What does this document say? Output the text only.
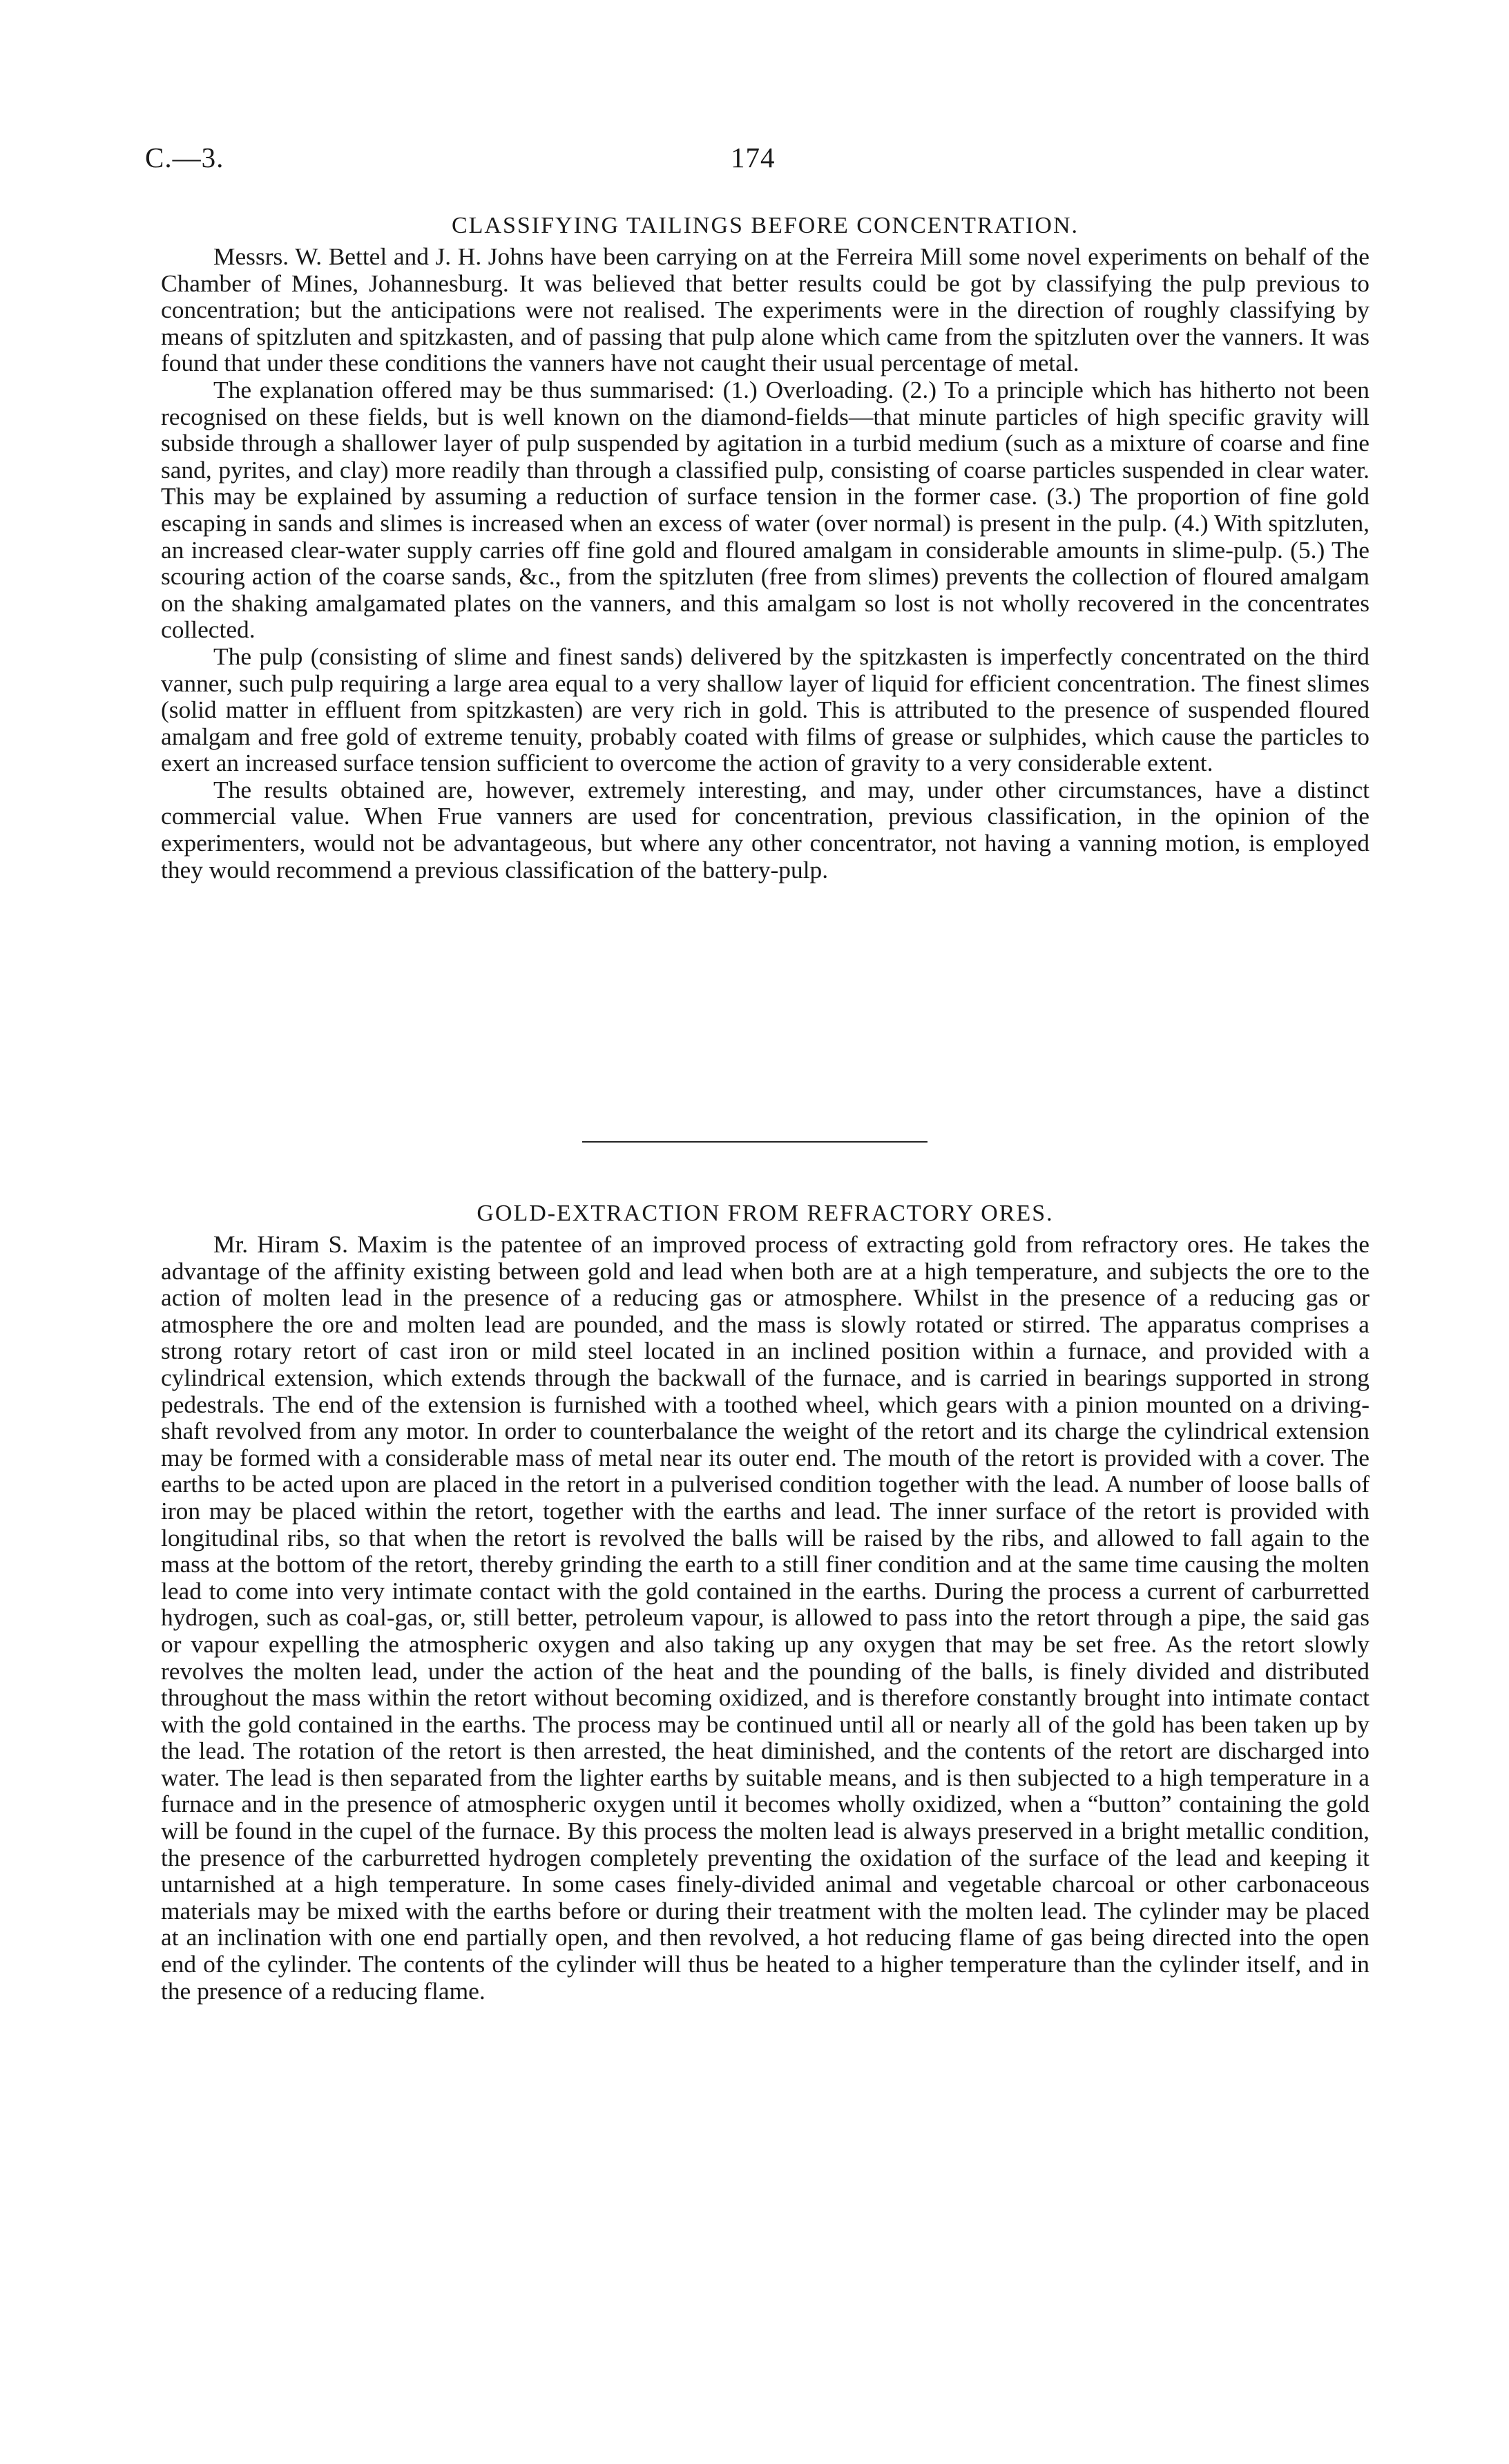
C.—3.	174
CLASSIFYING TAILINGS BEFORE CONCENTRATION.

Messrs. W. Bettel and J. H. Johns have been carrying on at the Ferreira Mill some novel experiments on behalf of the Chamber of Mines, Johannesburg. It was believed that better results could be got by classifying the pulp previous to concentration; but the anticipations were not realised. The experiments were in the direction of roughly classifying by means of spitzluten and spitzkasten, and of passing that pulp alone which came from the spitzluten over the vanners. It was found that under these conditions the vanners have not caught their usual percentage of metal.

The explanation offered may be thus summarised: (1.) Overloading. (2.) To a principle which has hitherto not been recognised on these fields, but is well known on the diamond-fields—that minute particles of high specific gravity will subside through a shallower layer of pulp suspended by agitation in a turbid medium (such as a mixture of coarse and fine sand, pyrites, and clay) more readily than through a classified pulp, consisting of coarse particles suspended in clear water. This may be explained by assuming a reduction of surface tension in the former case. (3.) The proportion of fine gold escaping in sands and slimes is increased when an excess of water (over normal) is present in the pulp. (4.) With spitzluten, an increased clear-water supply carries off fine gold and floured amalgam in considerable amounts in slime-pulp. (5.) The scouring action of the coarse sands, &c., from the spitzluten (free from slimes) prevents the collection of floured amalgam on the shaking amalgamated plates on the vanners, and this amalgam so lost is not wholly recovered in the concentrates collected.

The pulp (consisting of slime and finest sands) delivered by the spitzkasten is imperfectly concentrated on the third vanner, such pulp requiring a large area equal to a very shallow layer of liquid for efficient concentration. The finest slimes (solid matter in effluent from spitzkasten) are very rich in gold. This is attributed to the presence of suspended floured amalgam and free gold of extreme tenuity, probably coated with films of grease or sulphides, which cause the particles to exert an increased surface tension sufficient to overcome the action of gravity to a very considerable extent.

The results obtained are, however, extremely interesting, and may, under other circumstances, have a distinct commercial value. When Frue vanners are used for concentration, previous classification, in the opinion of the experimenters, would not be advantageous, but where any other concentrator, not having a vanning motion, is employed they would recommend a previous classification of the battery-pulp.

GOLD-EXTRACTION FROM REFRACTORY ORES.

Mr. Hiram S. Maxim is the patentee of an improved process of extracting gold from refractory ores. He takes the advantage of the affinity existing between gold and lead when both are at a high temperature, and subjects the ore to the action of molten lead in the presence of a reducing gas or atmosphere. Whilst in the presence of a reducing gas or atmosphere the ore and molten lead are pounded, and the mass is slowly rotated or stirred. The apparatus comprises a strong rotary retort of cast iron or mild steel located in an inclined position within a furnace, and provided with a cylindrical extension, which extends through the backwall of the furnace, and is carried in bearings supported in strong pedestrals. The end of the extension is furnished with a toothed wheel, which gears with a pinion mounted on a driving-shaft revolved from any motor. In order to counterbalance the weight of the retort and its charge the cylindrical extension may be formed with a considerable mass of metal near its outer end. The mouth of the retort is provided with a cover. The earths to be acted upon are placed in the retort in a pulverised condition together with the lead. A number of loose balls of iron may be placed within the retort, together with the earths and lead. The inner surface of the retort is provided with longitudinal ribs, so that when the retort is revolved the balls will be raised by the ribs, and allowed to fall again to the mass at the bottom of the retort, thereby grinding the earth to a still finer condition and at the same time causing the molten lead to come into very intimate contact with the gold contained in the earths. During the process a current of carburretted hydrogen, such as coal-gas, or, still better, petroleum vapour, is allowed to pass into the retort through a pipe, the said gas or vapour expelling the atmospheric oxygen and also taking up any oxygen that may be set free. As the retort slowly revolves the molten lead, under the action of the heat and the pounding of the balls, is finely divided and distributed throughout the mass within the retort without becoming oxidized, and is therefore constantly brought into intimate contact with the gold contained in the earths. The process may be continued until all or nearly all of the gold has been taken up by the lead. The rotation of the retort is then arrested, the heat diminished, and the contents of the retort are discharged into water. The lead is then separated from the lighter earths by suitable means, and is then subjected to a high temperature in a furnace and in the presence of atmospheric oxygen until it becomes wholly oxidized, when a “button” containing the gold will be found in the cupel of the furnace. By this process the molten lead is always preserved in a bright metallic condition, the presence of the carburretted hydrogen completely preventing the oxidation of the surface of the lead and keeping it untarnished at a high temperature. In some cases finely-divided animal and vegetable charcoal or other carbonaceous materials may be mixed with the earths before or during their treatment with the molten lead. The cylinder may be placed at an inclination with one end partially open, and then revolved, a hot reducing flame of gas being directed into the open end of the cylinder. The contents of the cylinder will thus be heated to a higher temperature than the cylinder itself, and in the presence of a reducing flame.
